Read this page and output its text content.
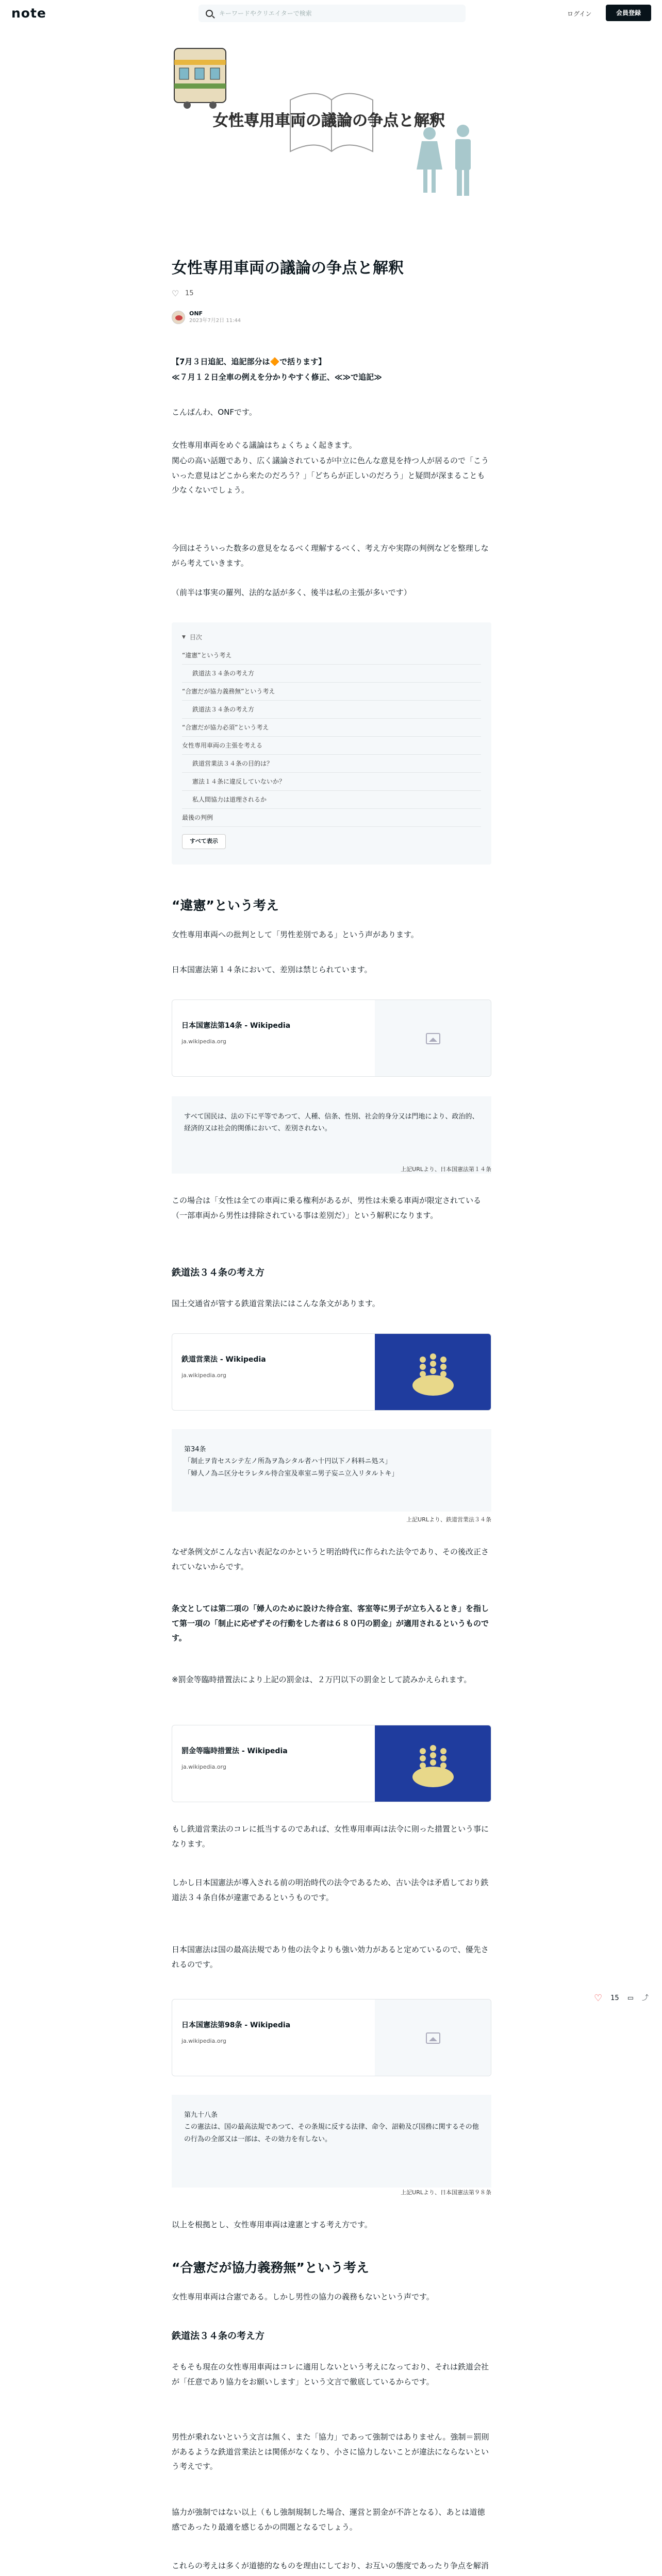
note	キーワードやクリエイターで検索	ログイン	会員登録
女性専用車両の議論の争点と解釈
女性専用車両の議論の争点と解釈
♡ 15
ONF
2023年7月2日 11:44

【7月３日追記、追記部分は🔶で括ります】

≪７月１２日全車の例えを分かりやすく修正、≪≫で追記≫

こんばんわ、ONFです。

女性専用車両をめぐる議論はちょくちょく起きます。

関心の高い話題であり、広く議論されているが中立に色んな意見を持つ人が居るので「こういった意見はどこから来たのだろう？」「どちらが正しいのだろう」と疑問が深まることも少なくないでしょう。

今回はそういった数多の意見をなるべく理解するべく、考え方や実際の判例などを整理しながら考えていきます。

（前半は事実の羅列、法的な話が多く、後半は私の主張が多いです）

▼ 目次
“違憲”という考え
鉄道法３４条の考え方
“合憲だが協力義務無”という考え
鉄道法３４条の考え方
“合憲だが協力必須”という考え
女性専用車両の主張を考える
鉄道営業法３４条の目的は？
憲法１４条に違反していないか？
私人間協力は道理されるか
最後の判例
すべて表示
“違憲”という考え

女性専用車両への批判として「男性差別である」という声があります。

日本国憲法第１４条において、差別は禁じられています。

日本国憲法第14条 - Wikipedia
ja.wikipedia.org

すべて国民は、法の下に平等であつて、人種、信条、性別、社会的身分又は門地により、政治的、経済的又は社会的関係において、差別されない。

上記URLより、日本国憲法第１４条

この場合は「女性は全ての車両に乗る権利があるが、男性は未乗る車両が限定されている（一部車両から男性は排除されている事は差別だ）」という解釈になります。

鉄道法３４条の考え方

国土交通省が管する鉄道営業法にはこんな条文があります。

鉄道営業法 - Wikipedia
ja.wikipedia.org

第34条

「制止ヲ肯セスシテ左ノ所為ヲ為シタル者ハ十円以下ノ科料ニ処ス」

「婦人ノ為ニ区分セラレタル待合室及車室ニ男子妄ニ立入リタルトキ」

上記URLより、鉄道営業法３４条

なぜ条例文がこんな古い表記なのかというと明治時代に作られた法令であり、その後改正されていないからです。

条文としては第二項の「婦人のために設けた待合室、客室等に男子が立ち入るとき」を指して第一項の「制止に応ぜずその行動をした者は６８０円の罰金」が適用されるというものです。

※罰金等臨時措置法により上記の罰金は、２万円以下の罰金として読みかえられます。

罰金等臨時措置法 - Wikipedia
ja.wikipedia.org

もし鉄道営業法のコレに抵当するのであれば、女性専用車両は法令に則った措置という事になります。

しかし日本国憲法が導入される前の明治時代の法令であるため、古い法令は矛盾しており鉄道法３４条自体が違憲であるというものです。

日本国憲法は国の最高法規であり他の法令よりも強い効力があると定めているので、優先されるのです。

日本国憲法第98条 - Wikipedia
ja.wikipedia.org

第九十八条

この憲法は、国の最高法規であつて、その条規に反する法律、命令、詔勅及び国務に関するその他の行為の全部又は一部は、その効力を有しない。

上記URLより、日本国憲法第９８条

以上を根拠とし、女性専用車両は違憲とする考え方です。

“合憲だが協力義務無”という考え

女性専用車両は合憲である。しかし男性の協力の義務もないという声です。

鉄道法３４条の考え方

そもそも現在の女性専用車両はコレに適用しないという考えになっており、それは鉄道会社が「任意であり協力をお願いします」という文言で徹底しているからです。

男性が乗れないという文言は無く、また「協力」であって強制ではありません。強制＝罰則があるような鉄道営業法とは関係がなくなり、小さに協力しないことが違法にならないという考えです。

協力が強制ではない以上（もし強制規制した場合、運営と罰金が不許となる）、あとは道徳感であったり最適を感じるかの問題となるでしょう。

これらの考えは多くが道徳的なものを理由にしており、お互いの態度であったり争点を解消

♡ 15 ▭ ⤴
